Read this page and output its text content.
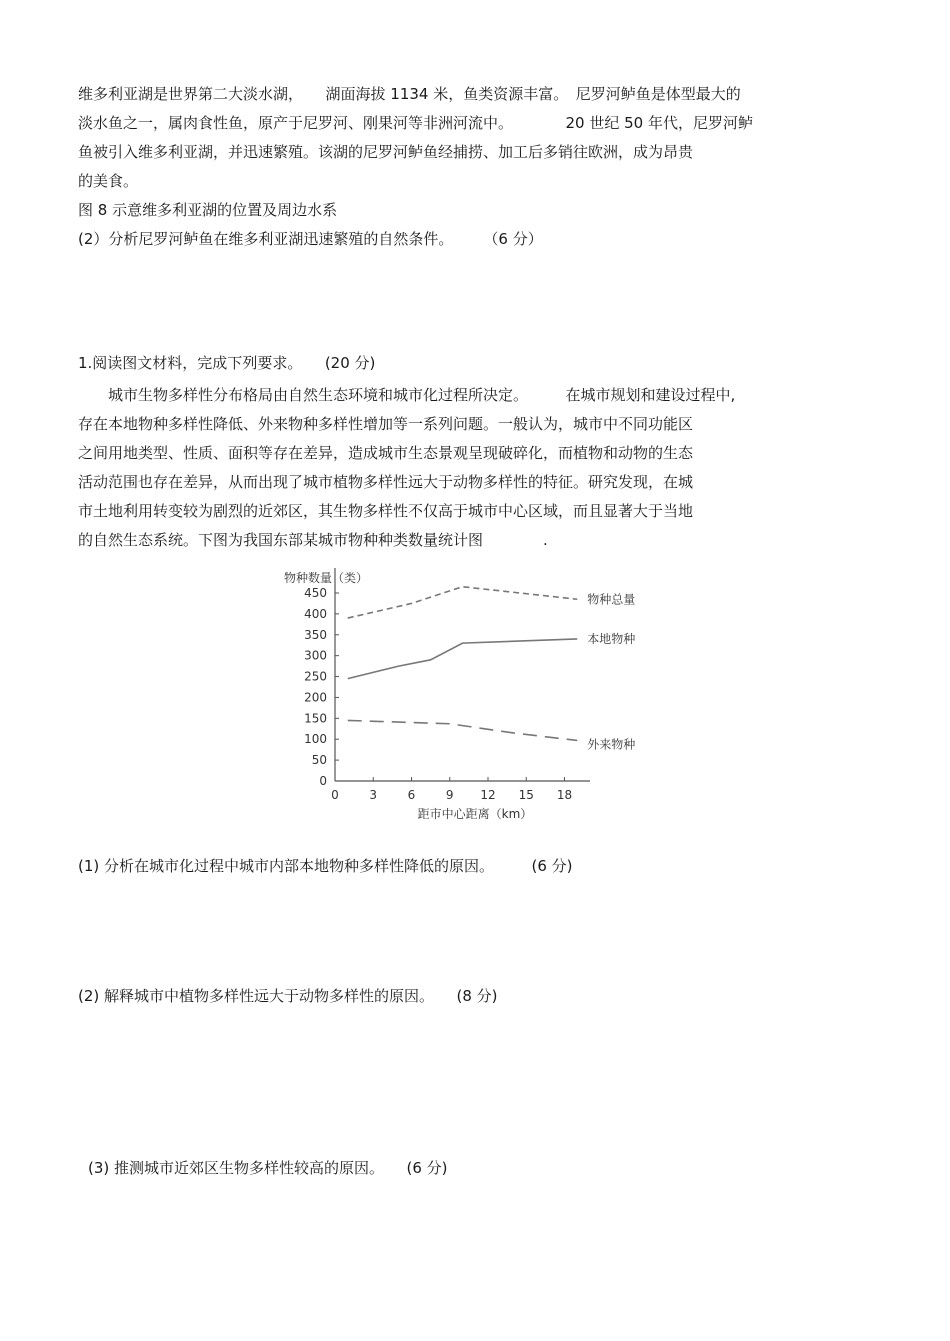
维多利亚湖是世界第二大淡水湖，　　湖面海拔 1134 米，鱼类资源丰富。　尼罗河鲈鱼是体型最大的
淡水鱼之一，属肉食性鱼，原产于尼罗河、刚果河等非洲河流中。　　　　20 世纪 50 年代，尼罗河鲈
鱼被引入维多利亚湖，并迅速繁殖。该湖的尼罗河鲈鱼经捕捞、加工后多销往欧洲，成为昂贵
的美食。
图 8 示意维多利亚湖的位置及周边水系
(2）分析尼罗河鲈鱼在维多利亚湖迅速繁殖的自然条件。　　　（6 分）
1.阅读图文材料，完成下列要求。　　(20 分)
　　城市生物多样性分布格局由自然生态环境和城市化过程所决定。　　　在城市规划和建设过程中,
存在本地物种多样性降低、外来物种多样性增加等一系列问题。一般认为，城市中不同功能区
之间用地类型、性质、面积等存在差异，造成城市生态景观呈现破碎化，而植物和动物的生态
活动范围也存在差异，从而出现了城市植物多样性远大于动物多样性的特征。研究发现，在城
市土地利用转变较为剧烈的近郊区，其生物多样性不仅高于城市中心区域，而且显著大于当地
的自然生态系统。下图为我国东部某城市物种种类数量统计图　　　　.
0
50
100
150
200
250
300
350
400
450
0	3	6	9 12 15 18
物种数量（类）
距市中心距离（km）
物种总量
本地物种
外来物种
(1) 分析在城市化过程中城市内部本地物种多样性降低的原因。　　　(6 分)
(2) 解释城市中植物多样性远大于动物多样性的原因。　　(8 分)
(3) 推测城市近郊区生物多样性较高的原因。　　(6 分)
